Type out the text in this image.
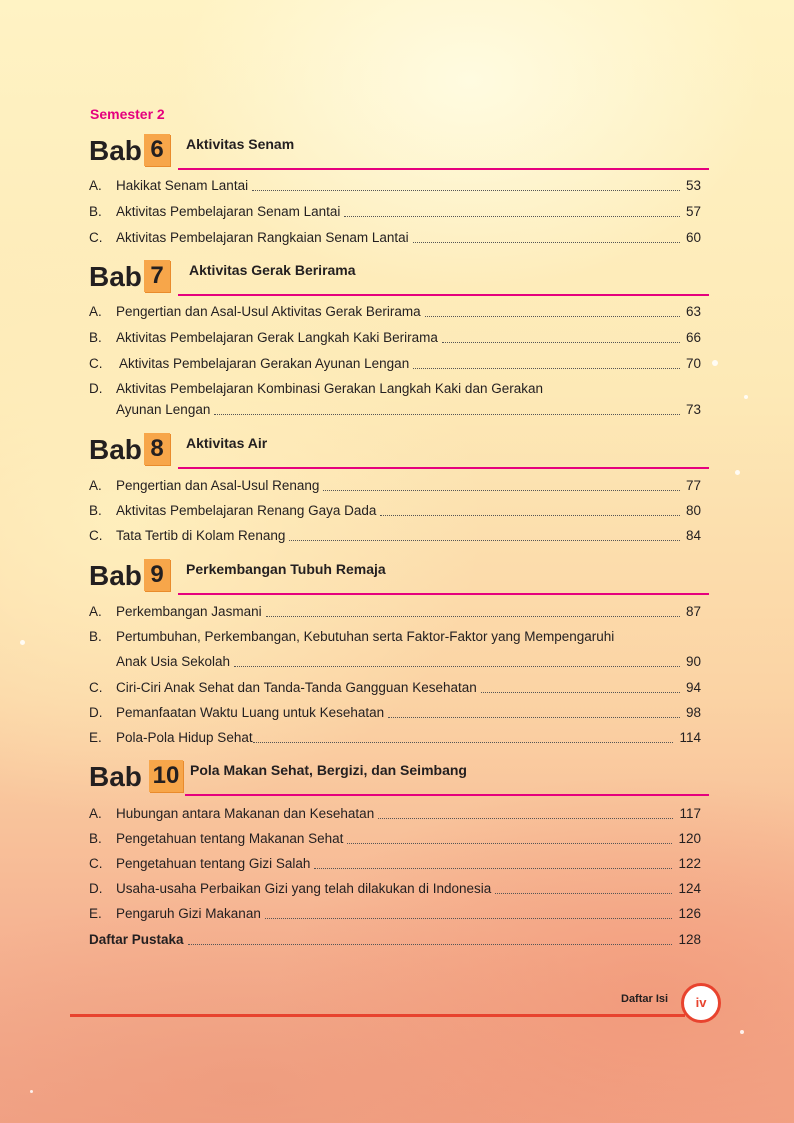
Semester 2
Bab 6	Aktivitas Senam
A. Hakikat Senam Lantai	53
B. Aktivitas Pembelajaran Senam Lantai	57
C. Aktivitas Pembelajaran Rangkaian Senam Lantai	60
Bab 7	Aktivitas Gerak Berirama
A. Pengertian dan Asal-Usul Aktivitas Gerak Berirama	63
B. Aktivitas Pembelajaran Gerak Langkah Kaki Berirama	66
C. Aktivitas Pembelajaran Gerakan Ayunan Lengan	70
D. Aktivitas Pembelajaran Kombinasi Gerakan Langkah Kaki dan Gerakan
Ayunan Lengan	73
Bab 8	Aktivitas Air
A. Pengertian dan Asal-Usul Renang	77
B. Aktivitas Pembelajaran Renang Gaya Dada	80
C. Tata Tertib di Kolam Renang	84
Bab 9	Perkembangan Tubuh Remaja
A. Perkembangan Jasmani	87
B. Pertumbuhan, Perkembangan, Kebutuhan serta Faktor-Faktor yang Mempengaruhi
Anak Usia Sekolah	90
C. Ciri-Ciri Anak Sehat dan Tanda-Tanda Gangguan Kesehatan	94
D. Pemanfaatan Waktu Luang untuk Kesehatan	98
E. Pola-Pola Hidup Sehat	114
Bab 10 Pola Makan Sehat, Bergizi, dan Seimbang
A. Hubungan antara Makanan dan Kesehatan	117
B. Pengetahuan tentang Makanan Sehat	120
C. Pengetahuan tentang Gizi Salah	122
D. Usaha-usaha Perbaikan Gizi yang telah dilakukan di Indonesia	124
E. Pengaruh Gizi Makanan	126
Daftar Pustaka	128
Daftar Isi	iv
